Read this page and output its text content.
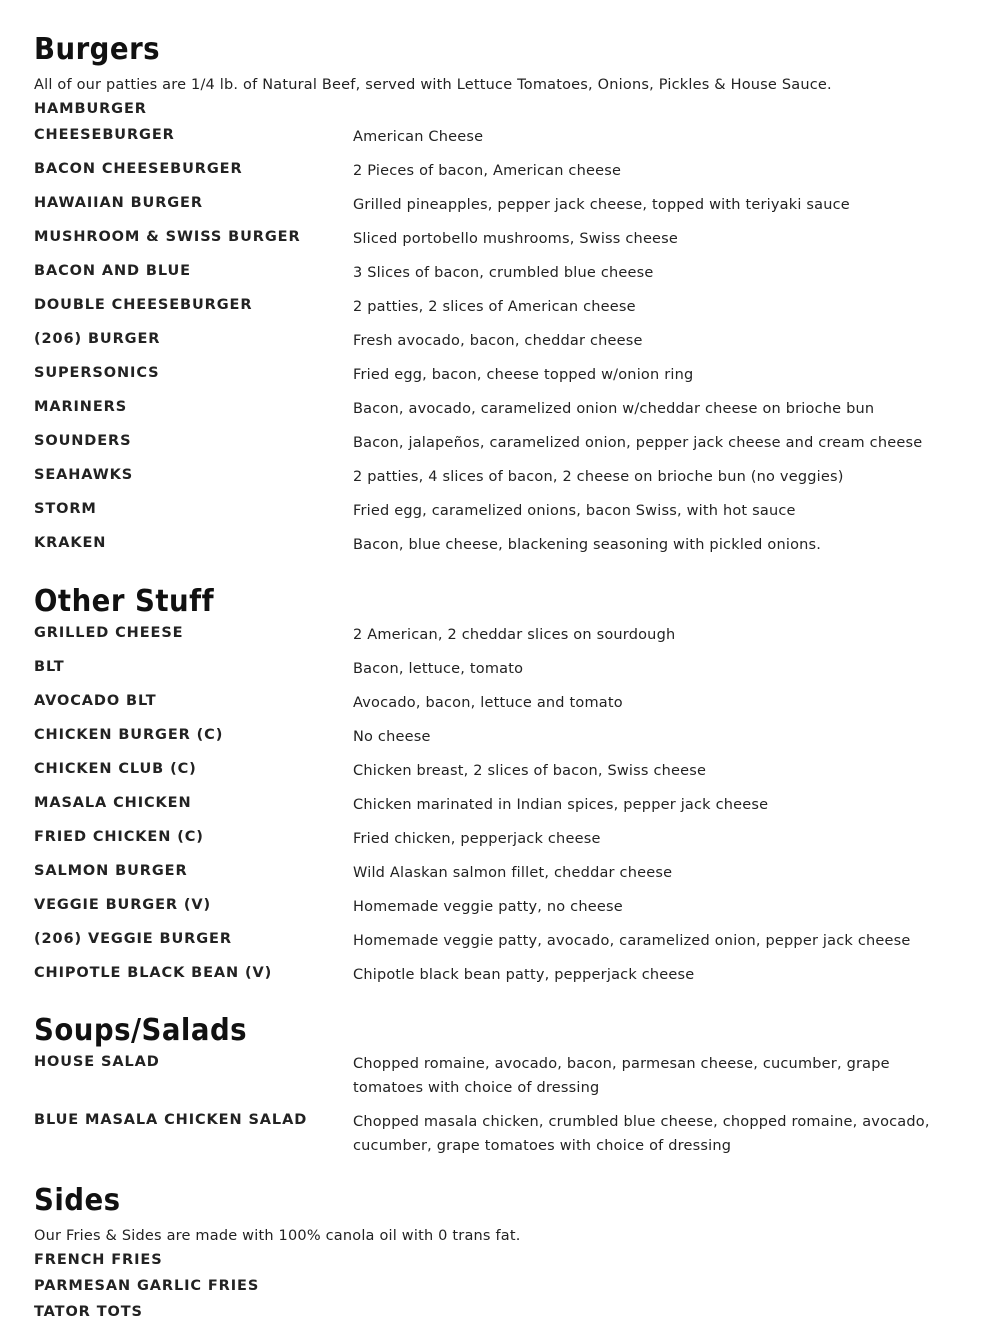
Burgers
All of our patties are 1/4 lb. of Natural Beef, served with Lettuce Tomatoes, Onions, Pickles & House Sauce.
HAMBURGER
CHEESEBURGER	American Cheese
BACON CHEESEBURGER	2 Pieces of bacon, American cheese
HAWAIIAN BURGER	Grilled pineapples, pepper jack cheese, topped with teriyaki sauce
MUSHROOM & SWISS BURGER	Sliced portobello mushrooms, Swiss cheese
BACON AND BLUE	3 Slices of bacon, crumbled blue cheese
DOUBLE CHEESEBURGER	2 patties, 2 slices of American cheese
(206) BURGER	Fresh avocado, bacon, cheddar cheese
SUPERSONICS	Fried egg, bacon, cheese topped w/onion ring
MARINERS	Bacon, avocado, caramelized onion w/cheddar cheese on brioche bun
SOUNDERS	Bacon, jalapeños, caramelized onion, pepper jack cheese and cream cheese
SEAHAWKS	2 patties, 4 slices of bacon, 2 cheese on brioche bun (no veggies)
STORM	Fried egg, caramelized onions, bacon Swiss, with hot sauce
KRAKEN	Bacon, blue cheese, blackening seasoning with pickled onions.
Other Stuff
GRILLED CHEESE	2 American, 2 cheddar slices on sourdough
BLT	Bacon, lettuce, tomato
AVOCADO BLT	Avocado, bacon, lettuce and tomato
CHICKEN BURGER (C)	No cheese
CHICKEN CLUB (C)	Chicken breast, 2 slices of bacon, Swiss cheese
MASALA CHICKEN	Chicken marinated in Indian spices, pepper jack cheese
FRIED CHICKEN (C)	Fried chicken, pepperjack cheese
SALMON BURGER	Wild Alaskan salmon fillet, cheddar cheese
VEGGIE BURGER (V)	Homemade veggie patty, no cheese
(206) VEGGIE BURGER	Homemade veggie patty, avocado, caramelized onion, pepper jack cheese
CHIPOTLE BLACK BEAN (V)	Chipotle black bean patty, pepperjack cheese
Soups/Salads
HOUSE SALAD	Chopped romaine, avocado, bacon, parmesan cheese, cucumber, grape tomatoes with choice of dressing
BLUE MASALA CHICKEN SALAD	Chopped masala chicken, crumbled blue cheese, chopped romaine, avocado, cucumber, grape tomatoes with choice of dressing
Sides
Our Fries & Sides are made with 100% canola oil with 0 trans fat.
FRENCH FRIES
PARMESAN GARLIC FRIES
TATOR TOTS
